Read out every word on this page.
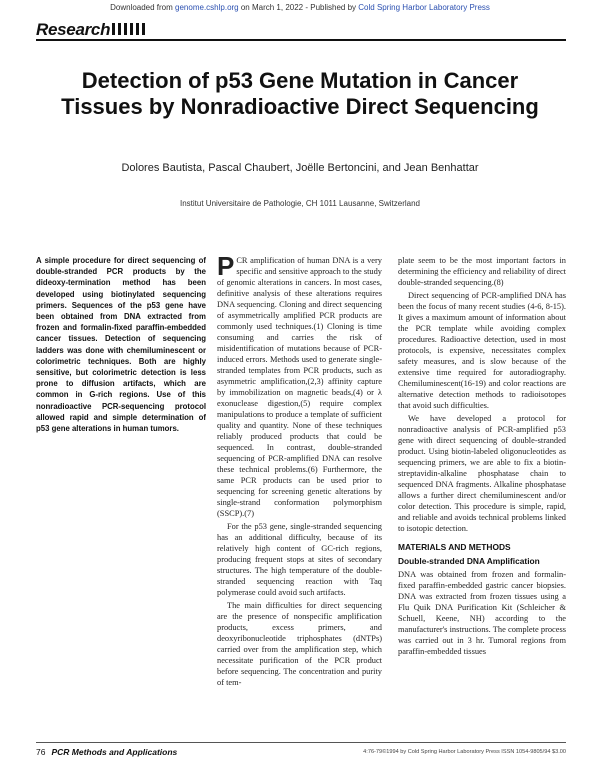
Downloaded from genome.cshlp.org on March 1, 2022 - Published by Cold Spring Harbor Laboratory Press
Research
Detection of p53 Gene Mutation in Cancer Tissues by Nonradioactive Direct Sequencing
Dolores Bautista, Pascal Chaubert, Joëlle Bertoncini, and Jean Benhattar
Institut Universitaire de Pathologie, CH 1011 Lausanne, Switzerland
A simple procedure for direct sequencing of double-stranded PCR products by the dideoxy-termination method has been developed using biotinylated sequencing primers. Sequences of the p53 gene have been obtained from DNA extracted from frozen and formalin-fixed paraffin-embedded cancer tissues. Detection of sequencing ladders was done with chemiluminescent or colorimetric techniques. Both are highly sensitive, but colorimetric detection is less prone to diffusion artifacts, which are common in G-rich regions. Use of this nonradioactive PCR-sequencing protocol allowed rapid and simple determination of p53 gene alterations in human tumors.

PCR amplification of human DNA is a very specific and sensitive approach to the study of genomic alterations in cancers. In most cases, definitive analysis of these alterations requires DNA sequencing. Cloning and direct sequencing of asymmetrically amplified PCR products are commonly used techniques.(1) Cloning is time consuming and carries the risk of misidentification of mutations because of PCR-induced errors. Methods used to generate single-stranded templates from PCR products, such as asymmetric amplification,(2,3) affinity capture by immobilization on magnetic beads,(4) or λ exonuclease digestion,(5) require complex manipulations to produce a template of sufficient quality and quantity. None of these techniques reliably produced products that could be sequenced. In contrast, double-stranded sequencing of PCR-amplified DNA can resolve these technical problems.(6) Furthermore, the same PCR products can be used prior to sequencing for screening genetic alterations by single-strand conformation polymorphism (SSCP).(7)

For the p53 gene, single-stranded sequencing has an additional difficulty, because of its relatively high content of GC-rich regions, producing frequent stops at sites of secondary structures. The high temperature of the double-stranded sequencing reaction with Taq polymerase could avoid such artifacts.

The main difficulties for direct sequencing are the presence of nonspecific amplification products, excess primers, and deoxyribonucleotide triphosphates (dNTPs) carried over from the amplification step, which necessitate purification of the PCR product before sequencing. The concentration and purity of tem-

plate seem to be the most important factors in determining the efficiency and reliability of direct double-stranded sequencing.(8)

Direct sequencing of PCR-amplified DNA has been the focus of many recent studies (4-6, 8-15). It gives a maximum amount of information about the PCR template while avoiding complex procedures. Radioactive detection, used in most protocols, is expensive, necessitates complex safety measures, and is slow because of the extensive time required for autoradiography. Chemiluminescent(16-19) and color reactions are alternative detection methods to radioisotopes that avoid such difficulties.

We have developed a protocol for nonradioactive analysis of PCR-amplified p53 gene with direct sequencing of double-stranded product. Using biotin-labeled oligonucleotides as sequencing primers, we are able to fix a biotin-streptavidin-alkaline phosphatase chain to sequenced DNA fragments. Alkaline phosphatase allows a further direct chemiluminescent and/or color detection. This procedure is simple, rapid, and reliable and avoids technical problems linked to isotopic detection.

MATERIALS AND METHODS
Double-stranded DNA Amplification

DNA was obtained from frozen and formalin-fixed paraffin-embedded gastric cancer biopsies. DNA was extracted from frozen tissues using a Flu Quik DNA Purification Kit (Schleicher & Schuell, Keene, NH) according to the manufacturer's instructions. The complete process was carried out in 3 hr. Tumoral regions from paraffin-embedded tissues

76 PCR Methods and Applications	4:76-79©1994 by Cold Spring Harbor Laboratory Press ISSN 1054-9805/94 $3.00
